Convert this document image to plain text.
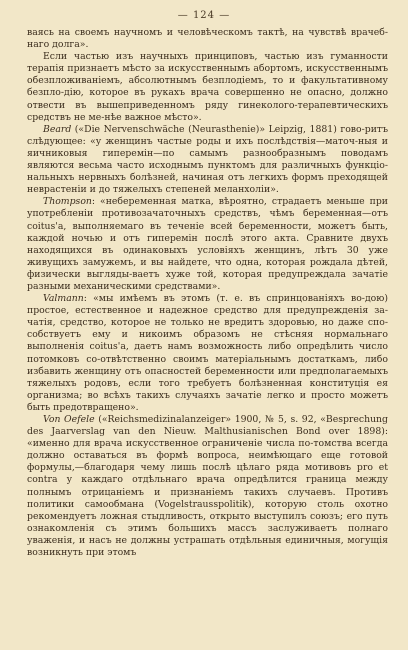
— 124 —

ваясь на своемъ научномъ и человѣческомъ тактѣ, на чувствѣ врачеб-наго долга».

Если частью изъ научныхъ принциповъ, частью изъ гуманности терапія признаетъ мѣсто за искусственнымъ абортомъ, искусственнымъ обезпложиваніемъ, абсолютнымъ безплодіемъ, то и факультативному безпло-дію, которое въ рукахъ врача совершенно не опасно, должно отвести въ вышеприведенномъ ряду гинекологo-терапевтическихъ средствъ не ме-нѣе важное мѣсто».

Beard («Die Nervenschwäche (Neurasthenie)» Leipzig, 1881) гово-ритъ слѣдующее: «у женщинъ частые роды и ихъ послѣдствія—маточ-ныя и яичниковыя гиперемін—по самымъ разнообразнымъ поводамъ являются весьма часто исходнымъ пунктомъ для различныхъ функціо-нальныхъ нервныхъ болѣзней, начиная отъ легкихъ формъ преходящей неврастеніи и до тяжелыхъ степеней меланхоліи».

Thompson: «небеременная матка, вѣроятно, страдаетъ меньше при употребленіи противозачаточныхъ средствъ, чѣмъ беременная—отъ coitus'а, выполняемаго въ теченіе всей беременности, можетъ быть, каждой ночью и отъ гиперемін послѣ этого акта. Сравните двухъ находящихся въ одинаковыхъ условіяхъ женщинъ, лѣтъ 30 уже живущихъ замужемъ, и вы найдете, что одна, которая рождала дѣтей, физически выгляды-ваетъ хуже той, которая предупреждала зачатіе разными механическими средствами».

Valmann: «мы имѣемъ въ этомъ (т. е. въ спринцованіяхъ во-дою) простое, естественное и надежное средство для предупрежденія за-чатія, средство, которое не только не вредитъ здоровью, но даже спо-собствуетъ ему и никоимъ образомъ не стѣсняя нормальнаго выполненія coitus'а, даетъ намъ возможность либо опредѣлить число потомковъ со-отвѣтственно своимъ матеріальнымъ достаткамъ, либо избавить женщину отъ опасностей беременности или предполагаемыхъ тяжелыхъ родовъ, если того требуетъ болѣзненная конституція ея организма; во всѣхъ такихъ случаяхъ зачатіе легко и просто можетъ быть предотвращено».

Von Oefele («Reichsmedizinalanzeiger» 1900, № 5, s. 92, «Besprechung des Jaarverslag van den Nieuw. Malthusianischen Bond over 1898): «именно для врача искусственное ограниченіе числа по-томства всегда должно оставаться въ формѣ вопроса, неимѣющаго еще готовой формулы,—благодаря чему лишь послѣ цѣлаго ряда мотивовъ pro et contra у каждаго отдѣльнаго врача опредѣлится граница между полнымъ отрицаніемъ и признаніемъ такихъ случаевъ. Противъ политики самообмана (Vogelstrausspolitik), которую столь охотно рекомендуетъ ложная стыдливость, открыто выступилъ союзъ; его путь ознакомленія съ этимъ большихъ массъ заслуживаетъ полнаго уваженія, и насъ не должны устрашать отдѣльныя единичныя, могущія возникнуть при этомъ
